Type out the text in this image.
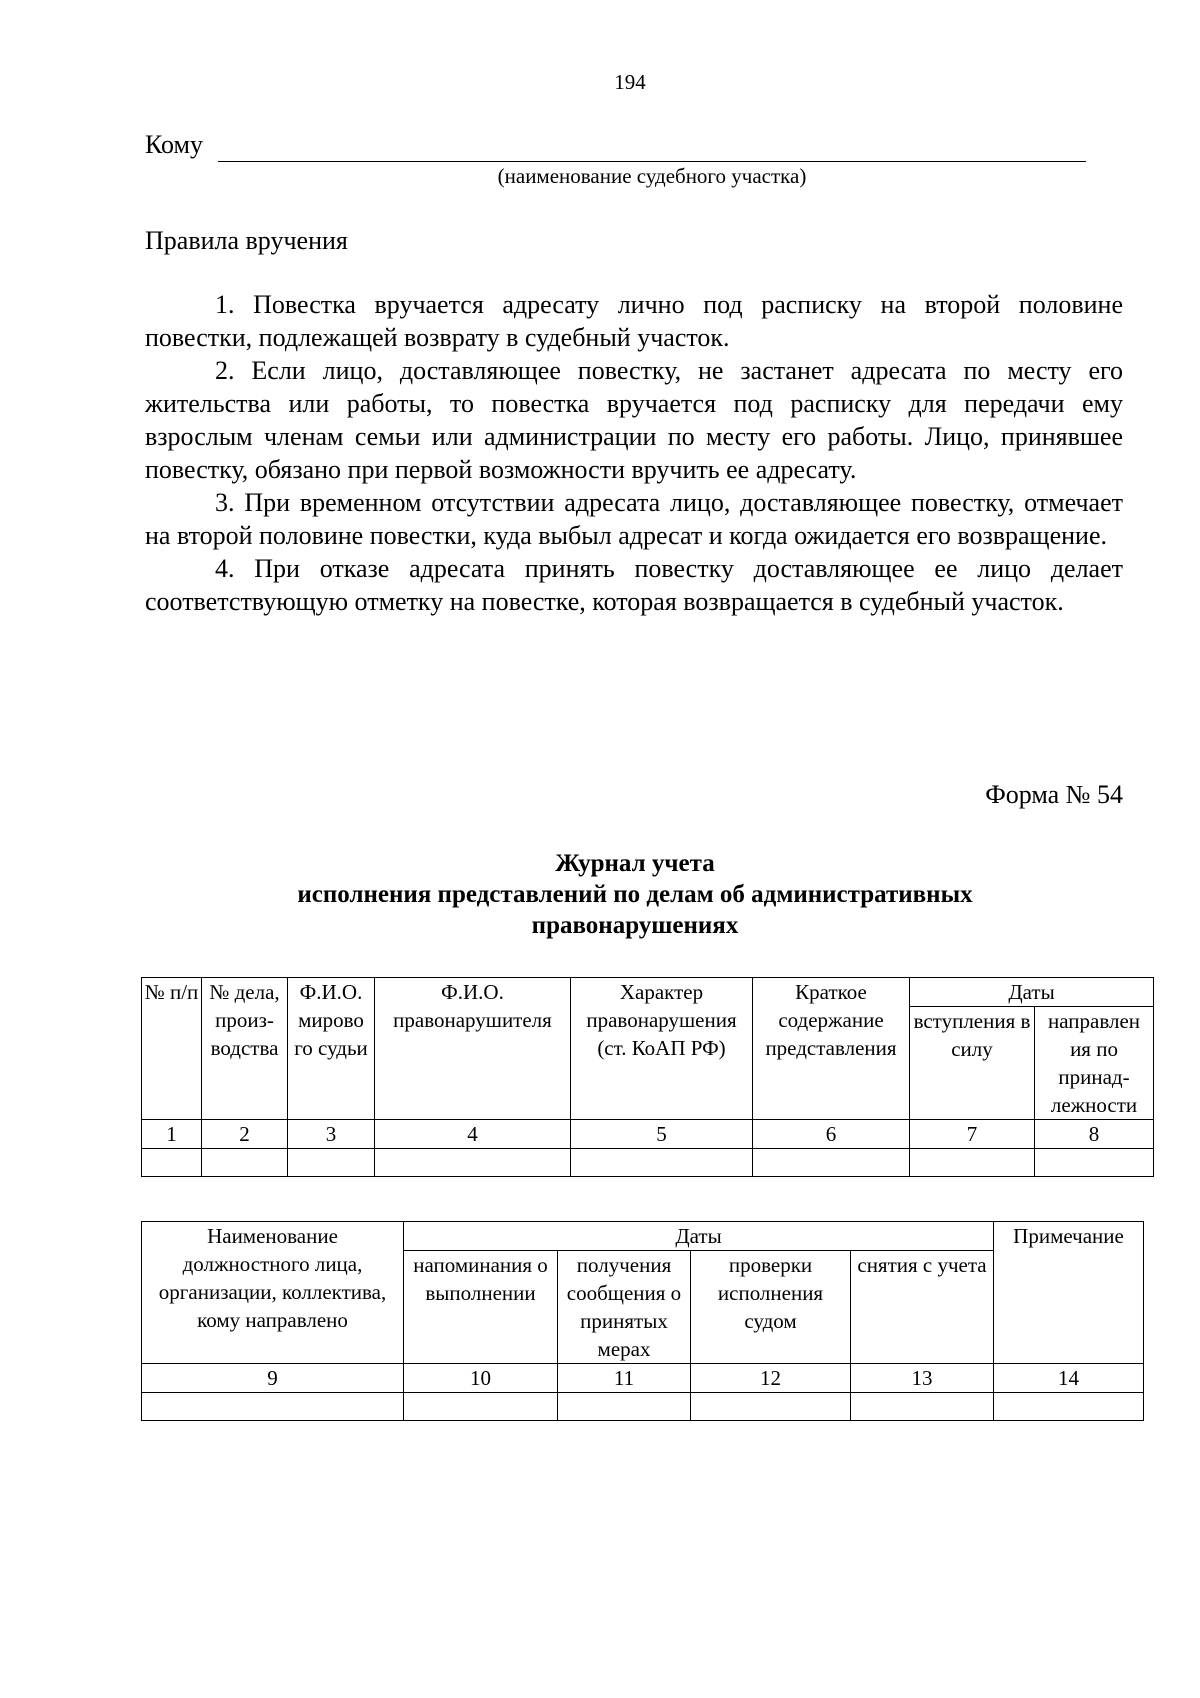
194
Кому
(наименование судебного участка)
Правила вручения

1. Повестка вручается адресату лично под расписку на второй половине повестки, подлежащей возврату в судебный участок.

2. Если лицо, доставляющее повестку, не застанет адресата по месту его жительства или работы, то повестка вручается под расписку для передачи ему взрослым членам семьи или администрации по месту его работы. Лицо, принявшее повестку, обязано при первой возможности вручить ее адресату.

3. При временном отсутствии адресата лицо, доставляющее повестку, отмечает на второй половине повестки, куда выбыл адресат и когда ожидается его возвращение.

4. При отказе адресата принять повестку доставляющее ее лицо делает соответствующую отметку на повестке, которая возвращается в судебный участок.

Форма № 54
Журнал учета
исполнения представлений по делам об административных
правонарушениях
№ п/п	№ дела, произ-водства	Ф.И.О. мирово го судьи	Ф.И.О. правонарушителя	Характер правонарушения (ст. КоАП РФ)	Краткое содержание представления	Даты	
						вступления в силу	направлен ия по принад-лежности
1	2	3	4	5	6	7	8

Наименование должностного лица, организации, коллектива, кому направлено	Даты				Примечание
	напоминания о выполнении	получения сообщения о принятых мерах	проверки исполнения судом	снятия с учета	
9	10	11	12	13	14
